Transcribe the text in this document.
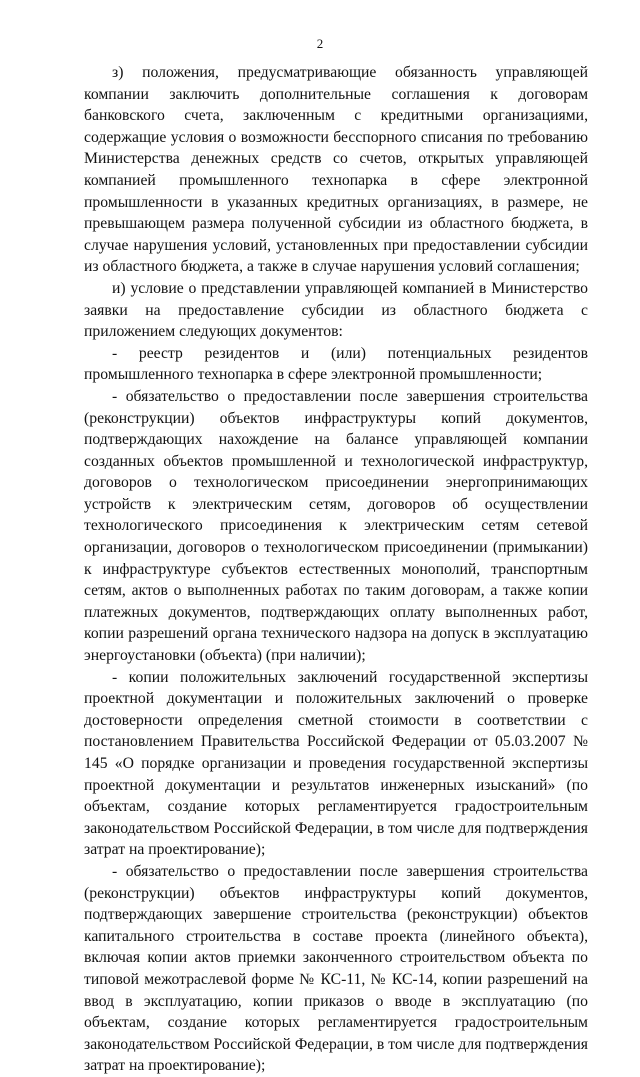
2

з) положения, предусматривающие обязанность управляющей компании заключить дополнительные соглашения к договорам банковского счета, заключенным с кредитными организациями, содержащие условия о возможности бесспорного списания по требованию Министерства денежных средств со счетов, открытых управляющей компанией промышленного технопарка в сфере электронной промышленности в указанных кредитных организациях, в размере, не превышающем размера полученной субсидии из областного бюджета, в случае нарушения условий, установленных при предоставлении субсидии из областного бюджета, а также в случае нарушения условий соглашения;

и) условие о представлении управляющей компанией в Министерство заявки на предоставление субсидии из областного бюджета с приложением следующих документов:

- реестр резидентов и (или) потенциальных резидентов промышленного технопарка в сфере электронной промышленности;

- обязательство о предоставлении после завершения строительства (реконструкции) объектов инфраструктуры копий документов, подтверждающих нахождение на балансе управляющей компании созданных объектов промышленной и технологической инфраструктур, договоров о технологическом присоединении энергопринимающих устройств к электрическим сетям, договоров об осуществлении технологического присоединения к электрическим сетям сетевой организации, договоров о технологическом присоединении (примыкании) к инфраструктуре субъектов естественных монополий, транспортным сетям, актов о выполненных работах по таким договорам, а также копии платежных документов, подтверждающих оплату выполненных работ, копии разрешений органа технического надзора на допуск в эксплуатацию энергоустановки (объекта) (при наличии);

- копии положительных заключений государственной экспертизы проектной документации и положительных заключений о проверке достоверности определения сметной стоимости в соответствии с постановлением Правительства Российской Федерации от 05.03.2007 № 145 «О порядке организации и проведения государственной экспертизы проектной документации и результатов инженерных изысканий» (по объектам, создание которых регламентируется градостроительным законодательством Российской Федерации, в том числе для подтверждения затрат на проектирование);

- обязательство о предоставлении после завершения строительства (реконструкции) объектов инфраструктуры копий документов, подтверждающих завершение строительства (реконструкции) объектов капитального строительства в составе проекта (линейного объекта), включая копии актов приемки законченного строительством объекта по типовой межотраслевой форме № КС-11, № КС-14, копии разрешений на ввод в эксплуатацию, копии приказов о вводе в эксплуатацию (по объектам, создание которых регламентируется градостроительным законодательством Российской Федерации, в том числе для подтверждения затрат на проектирование);
